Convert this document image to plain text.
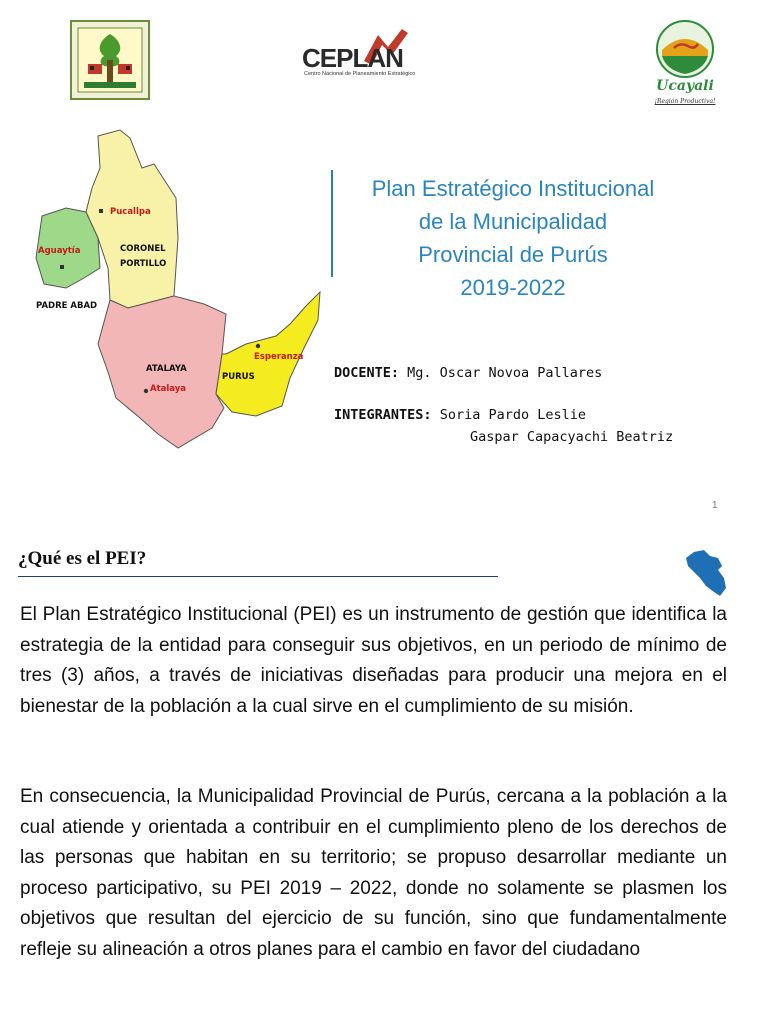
CEPLAN
Centro Nacional de Planeamiento Estratégico
Ucayali
¡Región Productiva!
Pucallpa
Aguaytía	CORONEL
PORTILLO
PADRE ABAD
ATALAYA
Atalaya
PURUS
Esperanza
Plan Estratégico Institucional
de la Municipalidad
Provincial de Purús
2019-2022
DOCENTE: Mg. Oscar Novoa Pallares
INTEGRANTES: Soria Pardo Leslie
Gaspar Capacyachi Beatriz
1
¿Qué es el PEI?

El Plan Estratégico Institucional (PEI) es un instrumento de gestión que identifica la estrategia de la entidad para conseguir sus objetivos, en un periodo de mínimo de tres (3) años, a través de iniciativas diseñadas para producir una mejora en el bienestar de la población a la cual sirve en el cumplimiento de su misión.

En consecuencia, la Municipalidad Provincial de Purús, cercana a la población a la cual atiende y orientada a contribuir en el cumplimiento pleno de los derechos de las personas que habitan en su territorio; se propuso desarrollar mediante un proceso participativo, su PEI 2019 – 2022, donde no solamente se plasmen los objetivos que resultan del ejercicio de su función, sino que fundamentalmente refleje su alineación a otros planes para el cambio en favor del ciudadano
